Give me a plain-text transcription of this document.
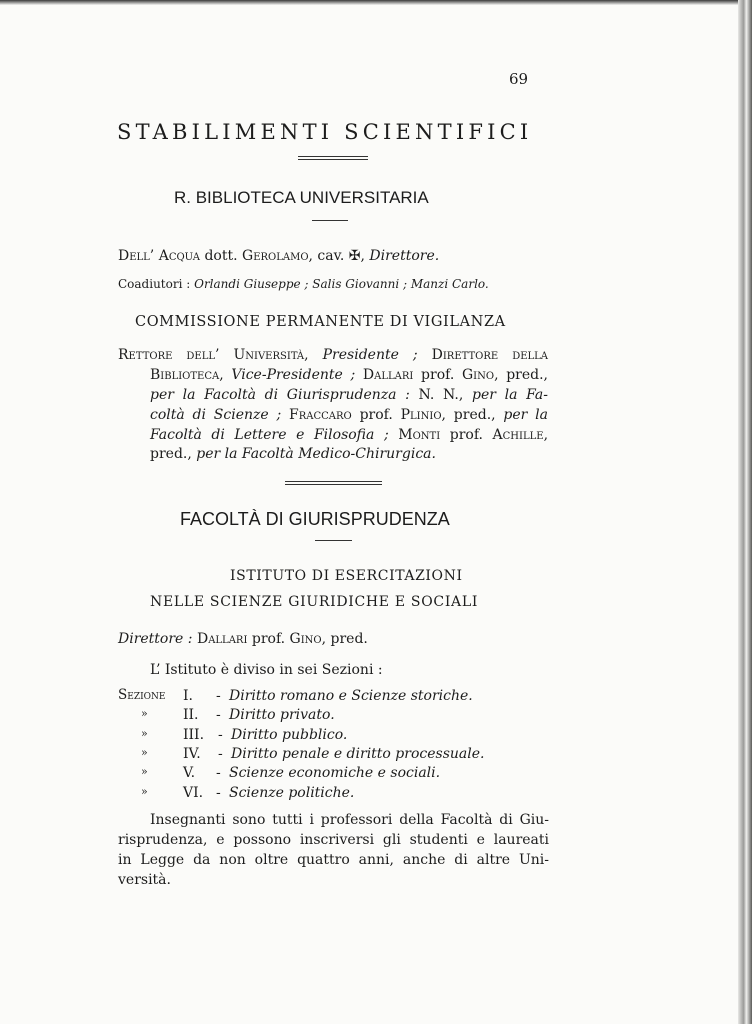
69
STABILIMENTI SCIENTIFICI
R. BIBLIOTECA UNIVERSITARIA
Dell’ Acqua dott. Gerolamo, cav. ✠, Direttore.
Coadiutori : Orlandi Giuseppe ; Salis Giovanni ; Manzi Carlo.
COMMISSIONE PERMANENTE DI VIGILANZA
Rettore dell’ Università, Presidente ; Direttore della
Biblioteca, Vice-Presidente ; Dallari prof. Gino, pred.,
per la Facoltà di Giurisprudenza : N. N., per la Fa-
coltà di Scienze ; Fraccaro prof. Plinio, pred., per la
Facoltà di Lettere e Filosofia ; Monti prof. Achille,
pred., per la Facoltà Medico-Chirurgica.
FACOLTÀ DI GIURISPRUDENZA
ISTITUTO DI ESERCITAZIONI
NELLE SCIENZE GIURIDICHE E SOCIALI
Direttore : Dallari prof. Gino, pred.
L’ Istituto è diviso in sei Sezioni :
Sezione I. - Diritto romano e Scienze storiche.
»	II. - Diritto privato.
»	III. - Diritto pubblico.
»	IV. - Diritto penale e diritto processuale.
»	V. - Scienze economiche e sociali.
»	VI. - Scienze politiche.
Insegnanti sono tutti i professori della Facoltà di Giu-
risprudenza, e possono inscriversi gli studenti e laureati
in Legge da non oltre quattro anni, anche di altre Uni-
versità.
